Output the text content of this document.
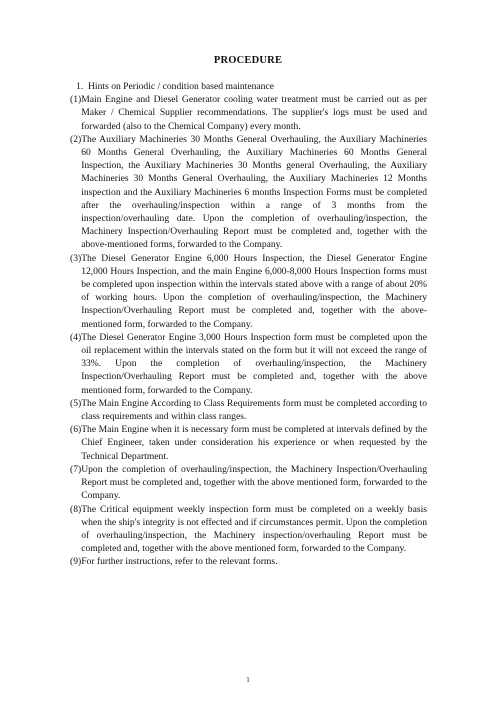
PROCEDURE

1. Hints on Periodic / condition based maintenance

(1) Main Engine and Diesel Generator cooling water treatment must be carried out as per Maker / Chemical Supplier recommendations. The supplier's logs must be used and forwarded (also to the Chemical Company) every month.
(2) The Auxiliary Machineries 30 Months General Overhauling, the Auxiliary Machineries 60 Months General Overhauling, the Auxiliary Machineries 60 Months General Inspection, the Auxiliary Machineries 30 Months general Overhauling, the Auxiliary Machineries 30 Months General Overhauling, the Auxiliary Machineries 12 Months inspection and the Auxiliary Machineries 6 months Inspection Forms must be completed after the overhauling/inspection within a range of 3 months from the inspection/overhauling date. Upon the completion of overhauling/inspection, the Machinery Inspection/Overhauling Report must be completed and, together with the above-mentioned forms, forwarded to the Company.
(3) The Diesel Generator Engine 6,000 Hours Inspection, the Diesel Generator Engine 12,000 Hours Inspection, and the main Engine 6,000-8,000 Hours Inspection forms must be completed upon inspection within the intervals stated above with a range of about 20% of working hours. Upon the completion of overhauling/inspection, the Machinery Inspection/Overhauling Report must be completed and, together with the above-mentioned form, forwarded to the Company.
(4) The Diesel Generator Engine 3,000 Hours Inspection form must be completed upon the oil replacement within the intervals stated on the form but it will not exceed the range of 33%. Upon the completion of overhauling/inspection, the Machinery Inspection/Overhauling Report must be completed and, together with the above mentioned form, forwarded to the Company.
(5) The Main Engine According to Class Requirements form must be completed according to class requirements and within class ranges.
(6) The Main Engine when it is necessary form must be completed at intervals defined by the Chief Engineer, taken under consideration his experience or when requested by the Technical Department.
(7) Upon the completion of overhauling/inspection, the Machinery Inspection/Overhauling Report must be completed and, together with the above mentioned form, forwarded to the Company.
(8) The Critical equipment weekly inspection form must be completed on a weekly basis when the ship's integrity is not effected and if circumstances permit. Upon the completion of overhauling/inspection, the Machinery inspection/overhauling Report must be completed and, together with the above mentioned form, forwarded to the Company.
(9) For further instructions, refer to the relevant forms.
1
